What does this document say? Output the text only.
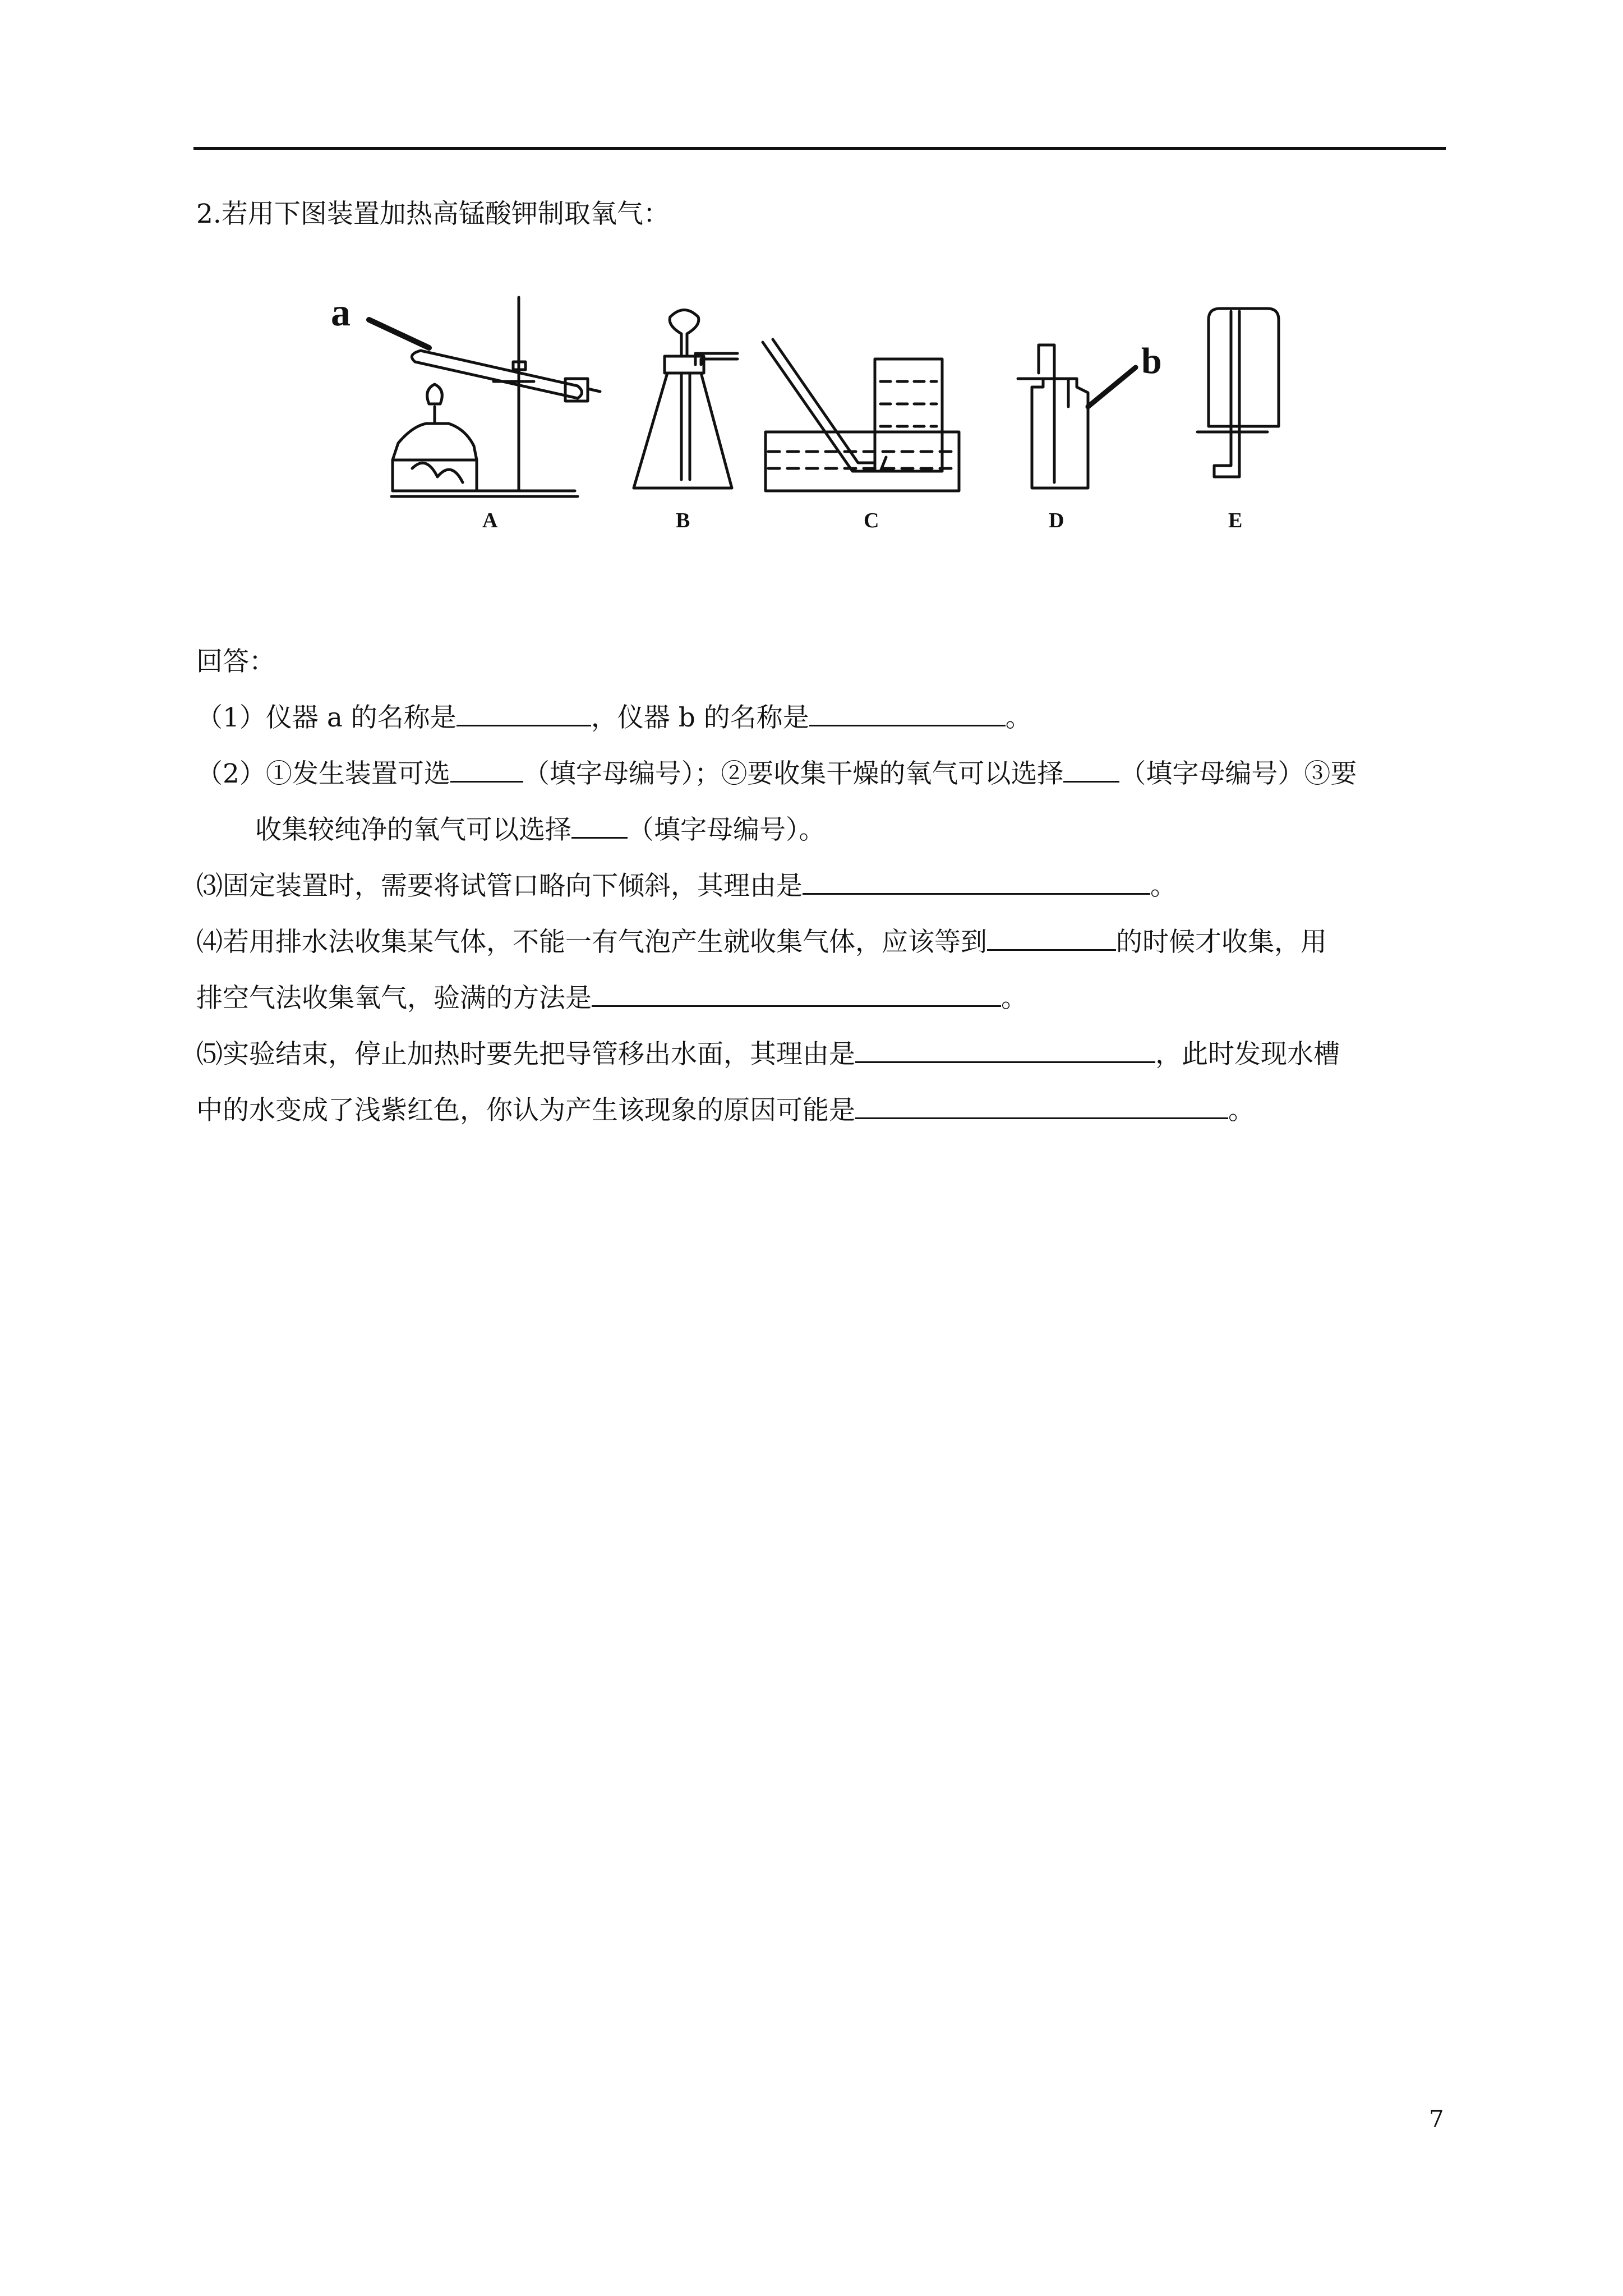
2.若用下图装置加热高锰酸钾制取氧气：
a
b
A	B	C	D	E
回答：
（1）仪器 a 的名称是	，仪器 b 的名称是	。
（2）①发生装置可选	（填字母编号）；②要收集干燥的氧气可以选择 （填字母编号）③要
收集较纯净的氧气可以选择 （填字母编号）。
⑶固定装置时，需要将试管口略向下倾斜，其理由是	。
⑷若用排水法收集某气体，不能一有气泡产生就收集气体，应该等到	的时候才收集，用
排空气法收集氧气，验满的方法是	。
⑸实验结束，停止加热时要先把导管移出水面，其理由是	，此时发现水槽
中的水变成了浅紫红色，你认为产生该现象的原因可能是	。
7
